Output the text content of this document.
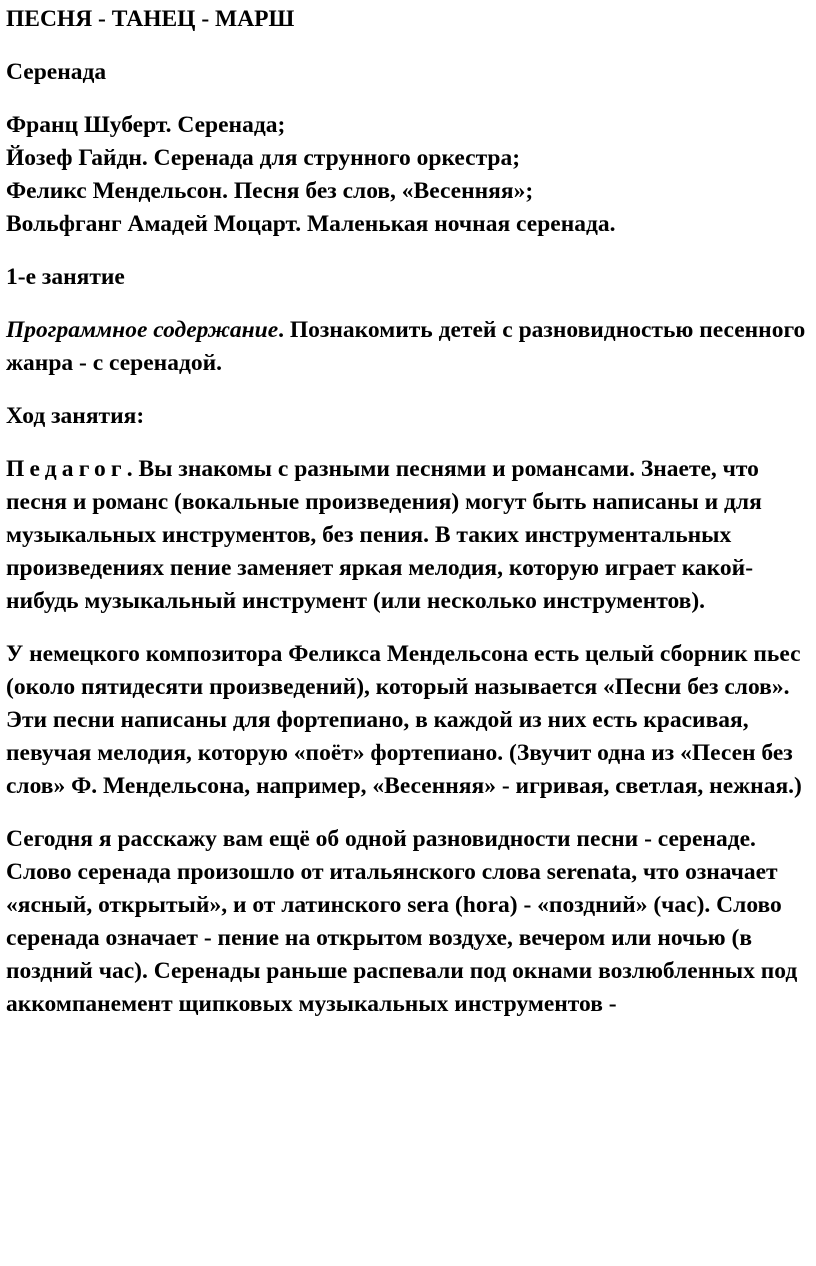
ПЕСНЯ - ТАНЕЦ - МАРШ

Серенада

Франц Шуберт. Серенада;
Йозеф Гайдн. Серенада для струнного оркестра;
Феликс Мендельсон. Песня без слов, «Весенняя»;
Вольфганг Амадей Моцарт. Маленькая ночная серенада.

1-е занятие

Программное содержание. Познакомить детей с разновидностью песенного жанра - с серенадой.

Ход занятия:

Педагог. Вы знакомы с разными песнями и романсами. Знаете, что песня и романс (вокальные произведения) могут быть написаны и для музыкальных инструментов, без пения. В таких инструментальных произведениях пение заменяет яркая мелодия, которую играет какой-нибудь музыкальный инструмент (или несколько инструментов).

У немецкого композитора Феликса Мендельсона есть целый сборник пьес (около пятидесяти произведений), который называется «Песни без слов». Эти песни написаны для фортепиано, в каждой из них есть красивая, певучая мелодия, которую «поёт» фортепиано. (Звучит одна из «Песен без слов» Ф. Мендельсона, например, «Весенняя» - игривая, светлая, нежная.)

Сегодня я расскажу вам ещё об одной разновидности песни - серенаде. Слово серенада произошло от итальянского слова serenata, что означает «ясный, открытый», и от латинского sera (hora) - «поздний» (час). Слово серенада означает - пение на открытом воздухе, вечером или ночью (в поздний час). Серенады раньше распевали под окнами возлюбленных под аккомпанемент щипковых музыкальных инструментов -
